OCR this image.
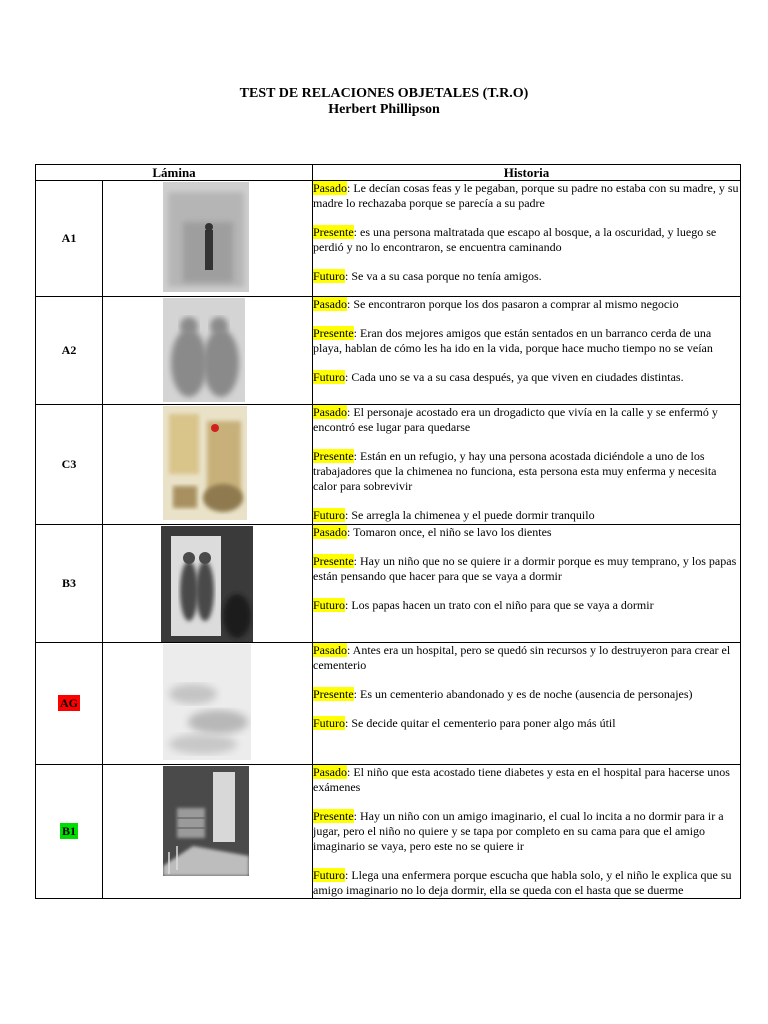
TEST DE RELACIONES OBJETALES (T.R.O)
Herbert Phillipson
Lámina		Historia
A1		Pasado: Le decían cosas feas y le pegaban, porque su padre no estaba con su madre, y su madre lo rechazaba porque se parecía a su padre
Presente: es una persona maltratada que escapo al bosque, a la oscuridad, y luego se perdió y no lo encontraron, se encuentra caminando
Futuro: Se va a su casa porque no tenía amigos.

A2		Pasado: Se encontraron porque los dos pasaron a comprar al mismo negocio
Presente: Eran dos mejores amigos que están sentados en un barranco cerda de una playa, hablan de cómo les ha ido en la vida, porque hace mucho tiempo no se veían
Futuro: Cada uno se va a su casa después, ya que viven en ciudades distintas.

C3		Pasado: El personaje acostado era un drogadicto que vivía en la calle y se enfermó y encontró ese lugar para quedarse
Presente: Están en un refugio, y hay una persona acostada diciéndole a uno de los trabajadores que la chimenea no funciona, esta persona esta muy enferma y necesita calor para sobrevivir
Futuro: Se arregla la chimenea y el puede dormir tranquilo

B3		Pasado: Tomaron once, el niño se lavo los dientes
Presente: Hay un niño que no se quiere ir a dormir porque es muy temprano, y los papas están pensando que hacer para que se vaya a dormir
Futuro: Los papas hacen un trato con el niño para que se vaya a dormir

AG		Pasado: Antes era un hospital, pero se quedó sin recursos y lo destruyeron para crear el cementerio
Presente: Es un cementerio abandonado y es de noche (ausencia de personajes)
Futuro: Se decide quitar el cementerio para poner algo más útil

B1		Pasado: El niño que esta acostado tiene diabetes y esta en el hospital para hacerse unos exámenes
Presente: Hay un niño con un amigo imaginario, el cual lo incita a no dormir para ir a jugar, pero el niño no quiere y se tapa por completo en su cama para que el amigo imaginario se vaya, pero este no se quiere ir
Futuro: Llega una enfermera porque escucha que habla solo, y el niño le explica que su amigo imaginario no lo deja dormir, ella se queda con el hasta que se duerme
